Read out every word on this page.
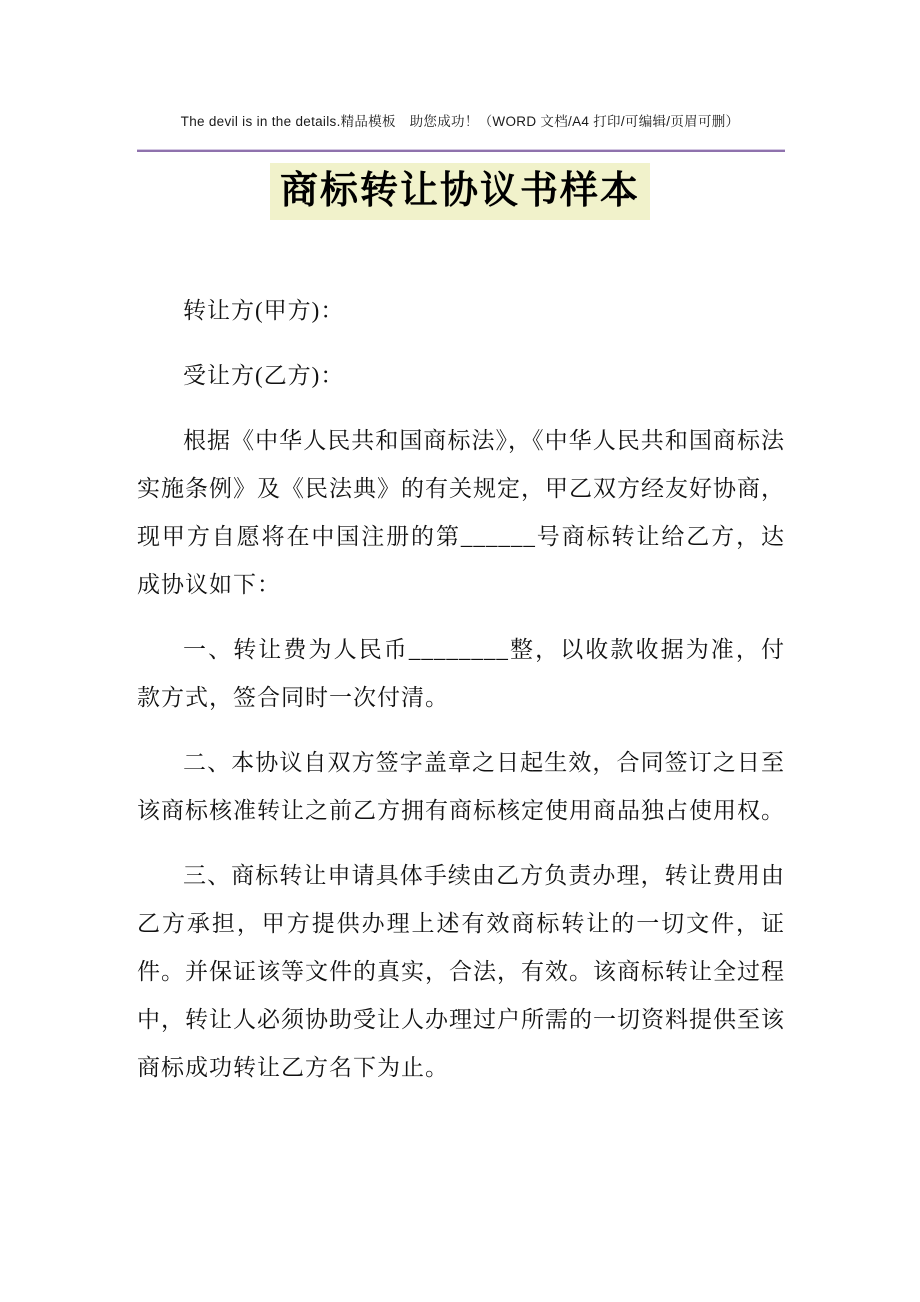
The devil is in the details.精品模板　助您成功！（WORD 文档/A4 打印/可编辑/页眉可删）
商标转让协议书样本

转让方(甲方)：

受让方(乙方)：

根据《中华人民共和国商标法》，《中华人民共和国商标法实施条例》及《民法典》的有关规定，甲乙双方经友好协商，现甲方自愿将在中国注册的第______号商标转让给乙方，达成协议如下：

一、转让费为人民币________整，以收款收据为准，付款方式，签合同时一次付清。

二、本协议自双方签字盖章之日起生效，合同签订之日至该商标核准转让之前乙方拥有商标核定使用商品独占使用权。

三、商标转让申请具体手续由乙方负责办理，转让费用由乙方承担，甲方提供办理上述有效商标转让的一切文件，证件。并保证该等文件的真实，合法，有效。该商标转让全过程中，转让人必须协助受让人办理过户所需的一切资料提供至该商标成功转让乙方名下为止。
